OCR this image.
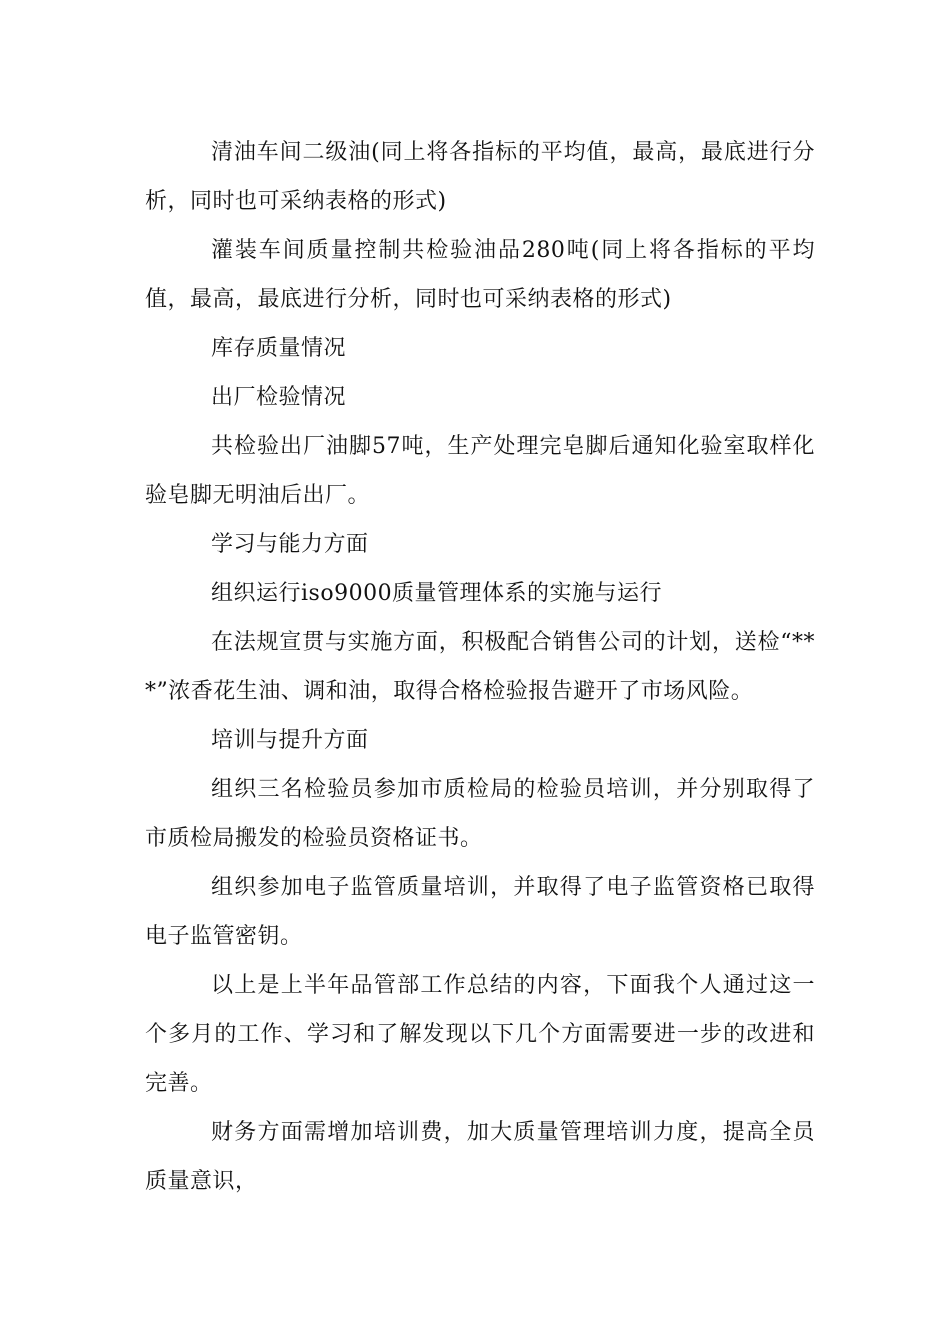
清油车间二级油(同上将各指标的平均值，最高，最底进行分析，同时也可采纳表格的形式)

灌装车间质量控制共检验油品280吨(同上将各指标的平均值，最高，最底进行分析，同时也可采纳表格的形式)

库存质量情况

出厂检验情况

共检验出厂油脚57吨，生产处理完皂脚后通知化验室取样化验皂脚无明油后出厂。

学习与能力方面

组织运行iso9000质量管理体系的实施与运行

在法规宣贯与实施方面，积极配合销售公司的计划，送检“***”浓香花生油、调和油，取得合格检验报告避开了市场风险。

培训与提升方面

组织三名检验员参加市质检局的检验员培训，并分别取得了市质检局搬发的检验员资格证书。

组织参加电子监管质量培训，并取得了电子监管资格已取得电子监管密钥。

以上是上半年品管部工作总结的内容，下面我个人通过这一个多月的工作、学习和了解发现以下几个方面需要进一步的改进和完善。

财务方面需增加培训费，加大质量管理培训力度，提高全员质量意识，
